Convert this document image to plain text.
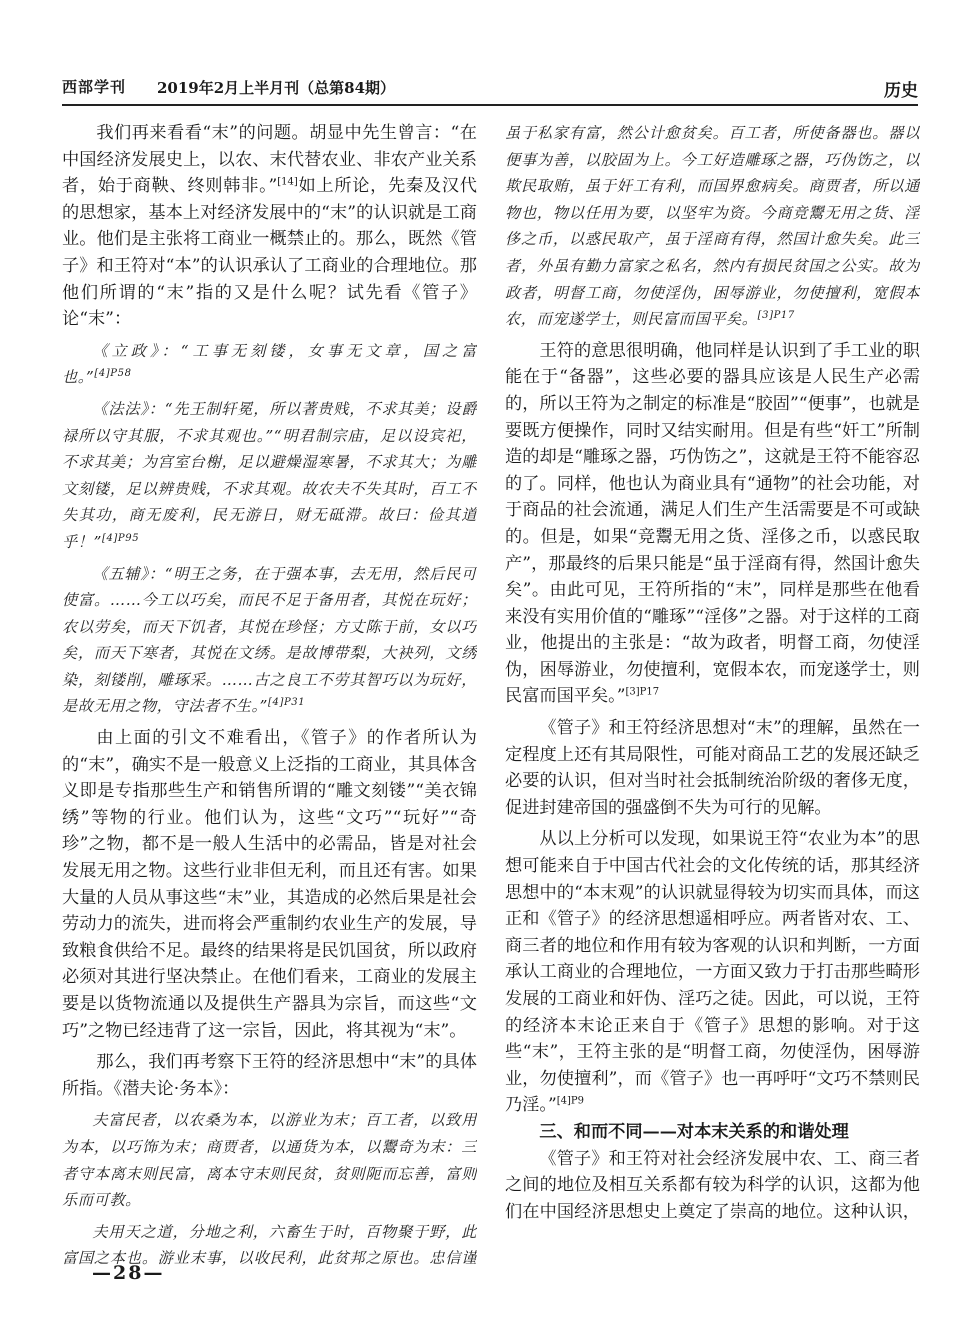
西部学刊 2019年2月上半月刊（总第84期）	历史

我们再来看看“末”的问题。胡显中先生曾言：“在中国经济发展史上，以农、末代替农业、非农产业关系者，始于商鞅、终则韩非。”[14]如上所论，先秦及汉代的思想家，基本上对经济发展中的“末”的认识就是工商业。他们是主张将工商业一概禁止的。那么，既然《管子》和王符对“本”的认识承认了工商业的合理地位。那他们所谓的“末”指的又是什么呢？试先看《管子》论“末”：

《立政》：“工事无刻镂，女事无文章，国之富也。”$^{[4]P58}$

《法法》：“先王制轩冕，所以著贵贱，不求其美；设爵禄所以守其服，不求其观也。”“明君制宗庙，足以设宾祀，不求其美；为宫室台榭，足以避燥湿寒暑，不求其大；为雕文刻镂，足以辨贵贱，不求其观。故农夫不失其时，百工不失其功，商无废利，民无游日，财无砥滞。故曰：俭其道乎！”$^{[4]P95}$

《五辅》：“明王之务，在于强本事，去无用，然后民可使富。……今工以巧矣，而民不足于备用者，其悦在玩好；农以劳矣，而天下饥者，其悦在珍怪；方丈陈于前，女以巧矣，而天下寒者，其悦在文绣。是故博带梨，大袂列，文绣染，刻镂削，雕琢采。……古之良工不劳其智巧以为玩好，是故无用之物，守法者不生。”$^{[4]P31}$

由上面的引文不难看出，《管子》的作者所认为的“末”，确实不是一般意义上泛指的工商业，其具体含义即是专指那些生产和销售所谓的“雕文刻镂”“美衣锦绣”等物的行业。他们认为，这些“文巧”“玩好”“奇珍”之物，都不是一般人生活中的必需品，皆是对社会发展无用之物。这些行业非但无利，而且还有害。如果大量的人员从事这些“末”业，其造成的必然后果是社会劳动力的流失，进而将会严重制约农业生产的发展，导致粮食供给不足。最终的结果将是民饥国贫，所以政府必须对其进行坚决禁止。在他们看来，工商业的发展主要是以货物流通以及提供生产器具为宗旨，而这些“文巧”之物已经违背了这一宗旨，因此，将其视为“末”。

那么，我们再考察下王符的经济思想中“末”的具体所指。《潜夫论·务本》：

夫富民者，以农桑为本，以游业为末；百工者，以致用为本，以巧饰为末；商贾者，以通货为本，以鬻奇为末：三者守本离末则民富，离本守末则民贫，贫则阨而忘善，富则乐而可教。

夫用天之道，分地之利，六畜生于时，百物聚于野，此富国之本也。游业末事，以收民利，此贫邦之原也。忠信谨

虽于私家有富，然公计愈贫矣。百工者，所使备器也。器以便事为善，以胶固为上。今工好造雕琢之器，巧伪饬之，以欺民取贿，虽于奸工有利，而国界愈病矣。商贾者，所以通物也，物以任用为要，以坚牢为资。今商竞鬻无用之货、淫侈之币，以惑民取产，虽于淫商有得，然国计愈失矣。此三者，外虽有勤力富家之私名，然内有损民贫国之公实。故为政者，明督工商，勿使淫伪，困辱游业，勿使擅利，宽假本农，而宠遂学士，则民富而国平矣。$^{[3]P17}$

王符的意思很明确，他同样是认识到了手工业的职能在于“备器”，这些必要的器具应该是人民生产必需的，所以王符为之制定的标准是“胶固”“便事”，也就是要既方便操作，同时又结实耐用。但是有些“奸工”所制造的却是“雕琢之器，巧伪饬之”，这就是王符不能容忍的了。同样，他也认为商业具有“通物”的社会功能，对于商品的社会流通，满足人们生产生活需要是不可或缺的。但是，如果“竞鬻无用之货、淫侈之币，以惑民取产”，那最终的后果只能是“虽于淫商有得，然国计愈失矣”。由此可见，王符所指的“末”，同样是那些在他看来没有实用价值的“雕琢”“淫侈”之器。对于这样的工商业，他提出的主张是：“故为政者，明督工商，勿使淫伪，困辱游业，勿使擅利，宽假本农，而宠遂学士，则民富而国平矣。”$^{[3]P17}$

《管子》和王符经济思想对“末”的理解，虽然在一定程度上还有其局限性，可能对商品工艺的发展还缺乏必要的认识，但对当时社会抵制统治阶级的奢侈无度，促进封建帝国的强盛倒不失为可行的见解。

从以上分析可以发现，如果说王符“农业为本”的思想可能来自于中国古代社会的文化传统的话，那其经济思想中的“本末观”的认识就显得较为切实而具体，而这正和《管子》的经济思想遥相呼应。两者皆对农、工、商三者的地位和作用有较为客观的认识和判断，一方面承认工商业的合理地位，一方面又致力于打击那些畸形发展的工商业和奸伪、淫巧之徒。因此，可以说，王符的经济本末论正来自于《管子》思想的影响。对于这些“末”，王符主张的是“明督工商，勿使淫伪，困辱游业，勿使擅利”，而《管子》也一再呼吁“文巧不禁则民乃淫。”$^{[4]P9}$

三、和而不同——对本末关系的和谐处理

《管子》和王符对社会经济发展中农、工、商三者之间的地位及相互关系都有较为科学的认识，这都为他们在中国经济思想史上奠定了崇高的地位。这种认识，

—28—
